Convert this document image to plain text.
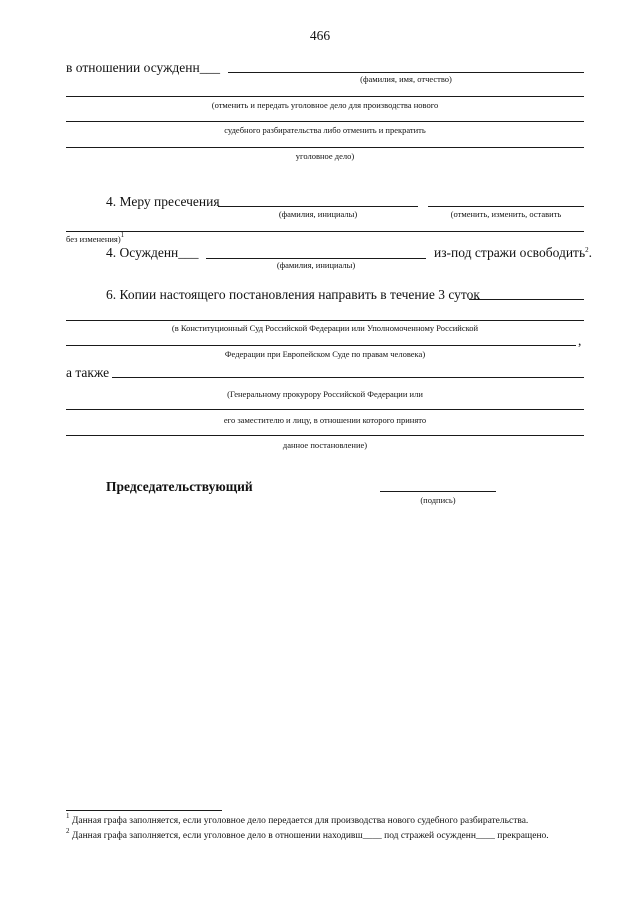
466
в отношении осужденн___
(фамилия, имя, отчество)
(отменить и передать уголовное дело для производства нового
судебного разбирательства либо отменить и прекратить
уголовное дело)
4. Меру пресечения
(фамилия, инициалы)	(отменить, изменить, оставить
без изменения)$^1$
4. Осужденн___
(фамилия, инициалы)
из-под стражи освободить$^2$.
6. Копии настоящего постановления направить в течение 3 суток
(в Конституционный Суд Российской Федерации или Уполномоченному Российской
,
Федерации при Европейском Суде по правам человека)
а также
(Генеральному прокурору Российской Федерации или
его заместителю и лицу, в отношении которого принято
данное постановление)
Председательствующий
(подпись)
$^1$ Данная графа заполняется, если уголовное дело передается для производства нового судебного разбирательства.
$^2$ Данная графа заполняется, если уголовное дело в отношении находивш____ под стражей осужденн____ прекращено.
